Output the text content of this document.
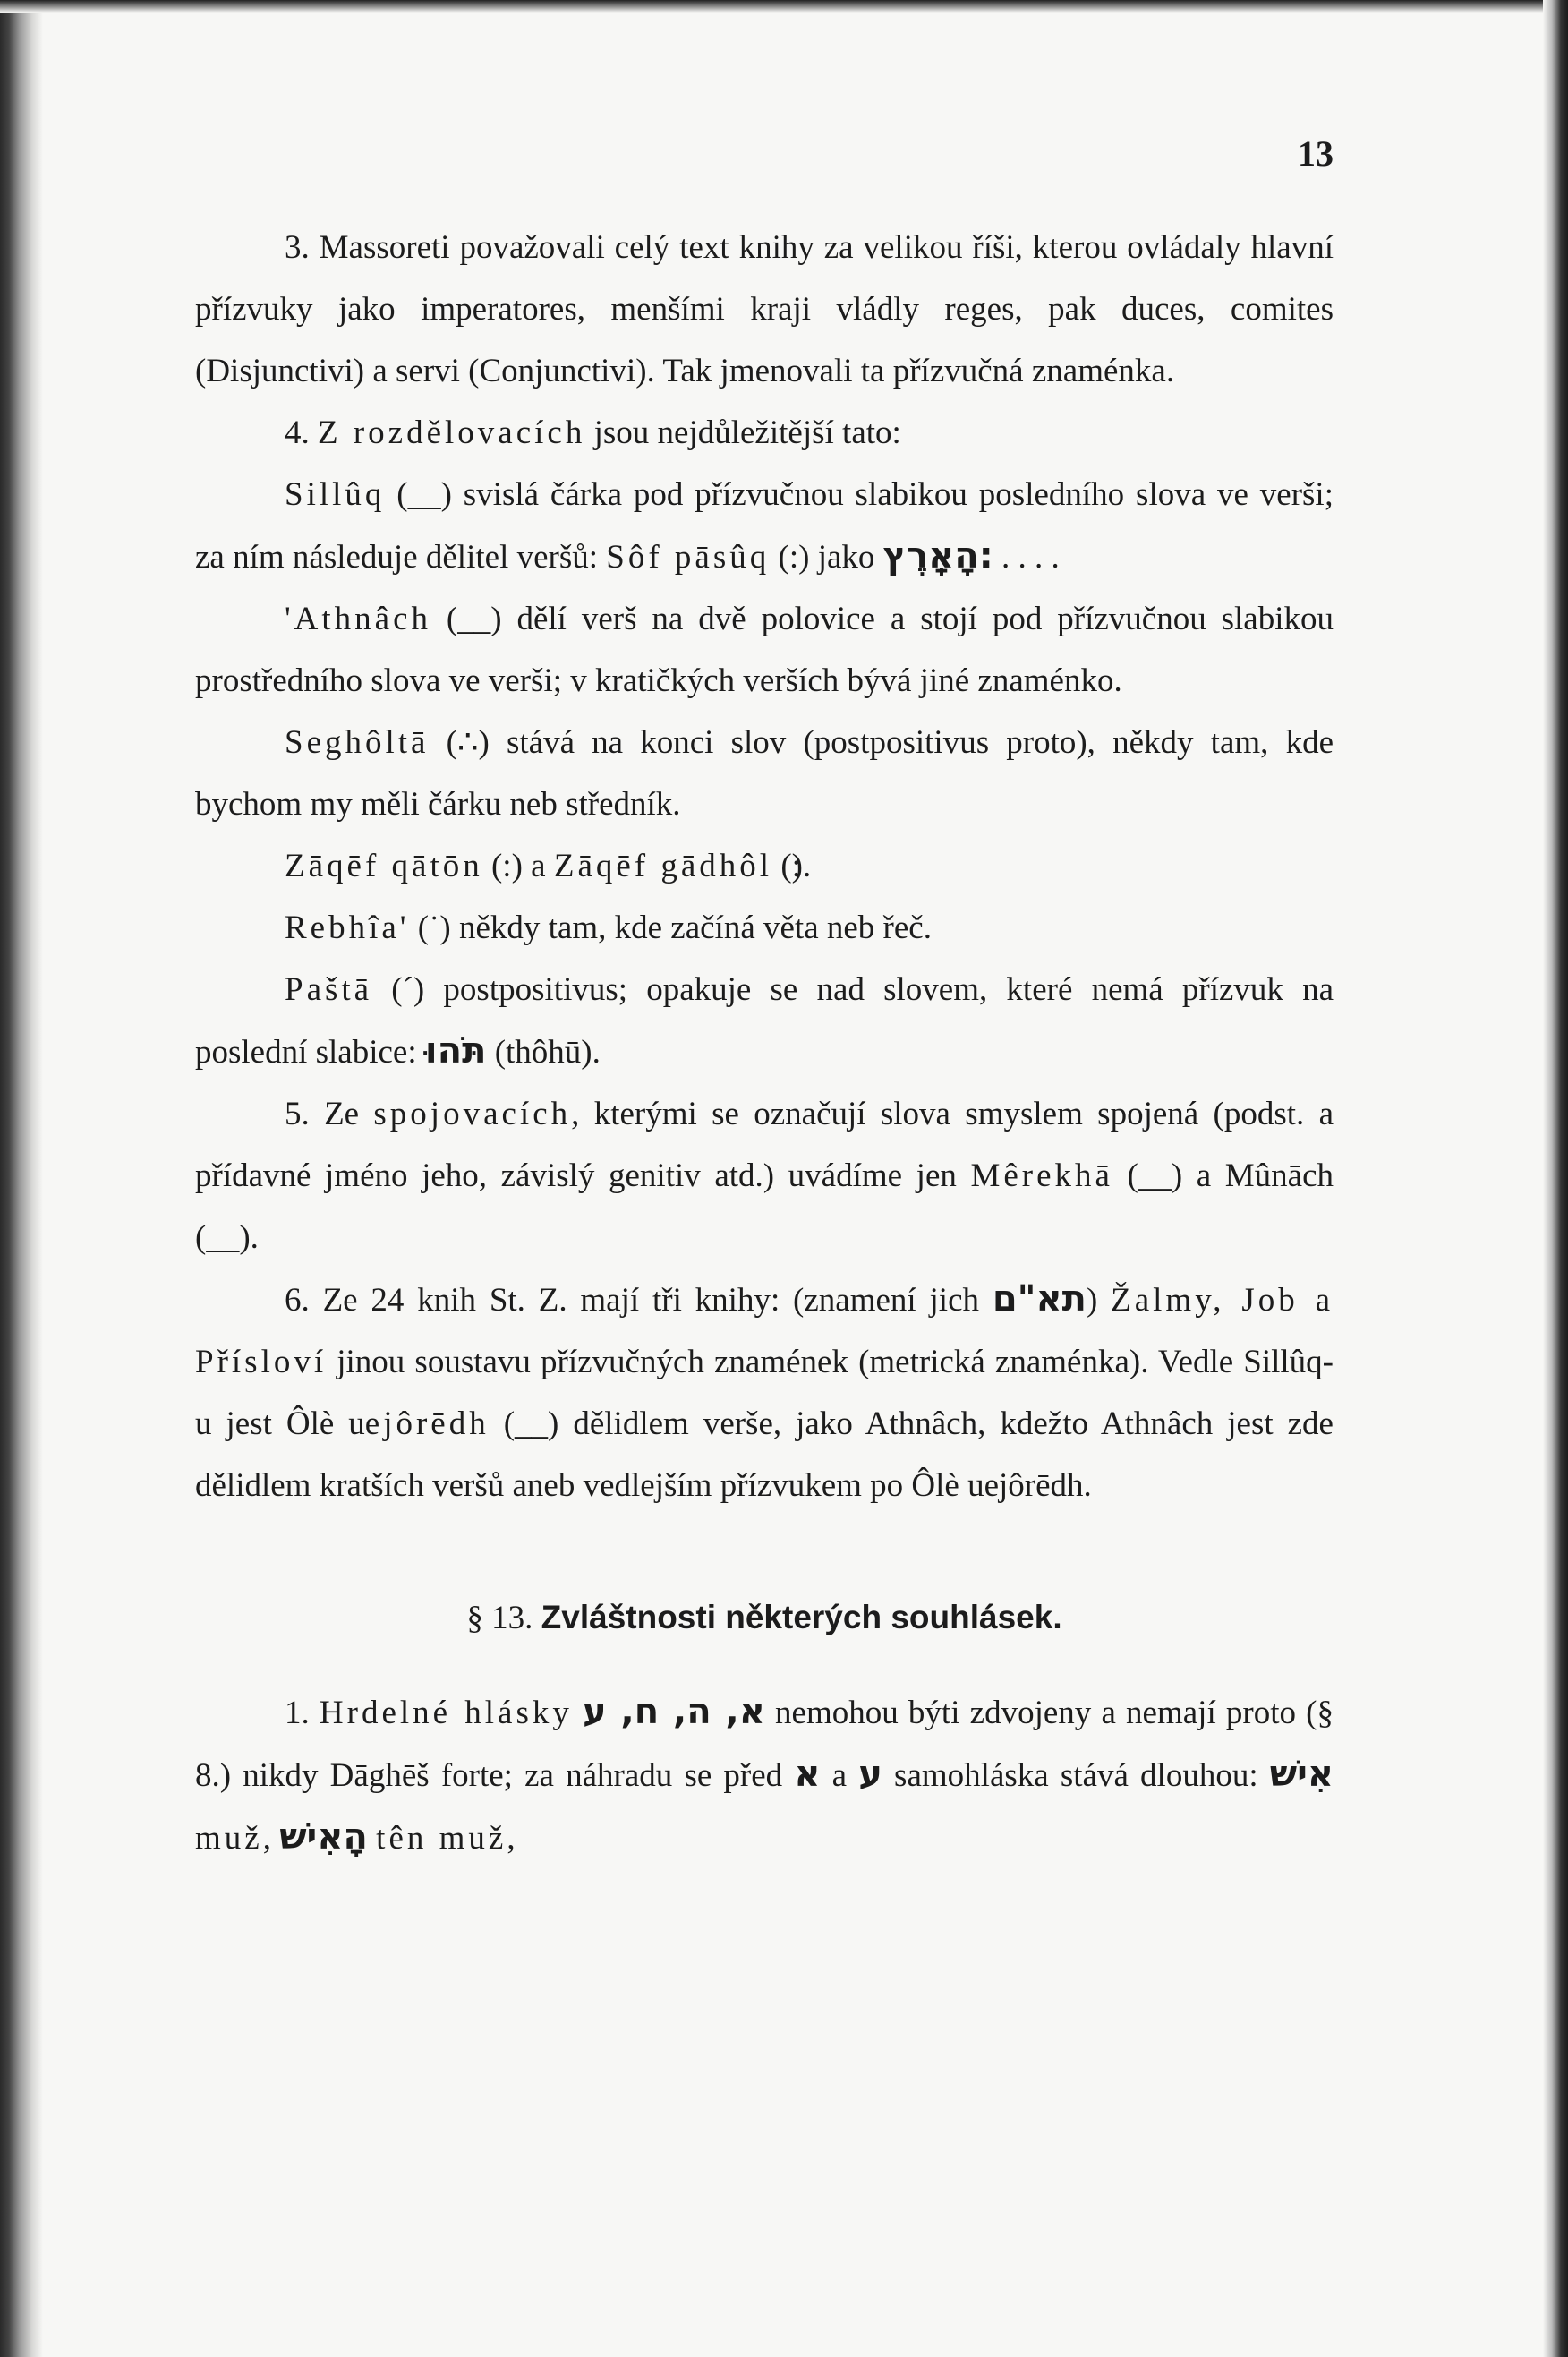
13

3. Massoreti považovali celý text knihy za velikou říši, kterou ovládaly hlavní přízvuky jako imperatores, menšími kraji vládly reges, pak duces, comites (Disjunctivi) a servi (Conjunctivi). Tak jmenovali ta přízvučná znaménka.

4. Z rozdělovacích jsou nejdůležitější tato:

Sillûq (__) svislá čárka pod přízvučnou slabikou posledního slova ve verši; za ním následuje dělitel veršů: Sôf pāsûq (:) jako :הָאָֽרֶץ . . . .

'Athnâch (__) dělí verš na dvě polovice a stojí pod přízvučnou slabikou prostředního slova ve verši; v kratičkých verších bývá jiné znaménko.

Seghôltā (∴) stává na konci slov (postpositivus proto), někdy tam, kde bychom my měli čárku neb středník.

Zāqēf qātōn (:) a Zāqēf gādhôl (׃).

Rebhîa' (˙) někdy tam, kde začíná věta neb řeč.

Paštā (´) postpositivus; opakuje se nad slovem, které nemá přízvuk na poslední slabice: תֹּהוּ (thôhū).

5. Ze spojovacích, kterými se označují slova smyslem spojená (podst. a přídavné jméno jeho, závislý genitiv atd.) uvádíme jen Mêrekhā (__) a Mûnāch (__).

6. Ze 24 knih St. Z. mají tři knihy: (znamení jich תא"ם) Žalmy, Job a Přísloví jinou soustavu přízvučných znamének (metrická znaménka). Vedle Sillûq-u jest Ôlè uejôrēdh (__) dělidlem verše, jako Athnâch, kdežto Athnâch jest zde dělidlem kratších veršů aneb vedlejším přízvukem po Ôlè uejôrēdh.

§ 13. Zvláštnosti některých souhlásek.

1. Hrdelné hlásky א, ה, ח, ע nemohou býti zdvojeny a nemají proto (§ 8.) nikdy Dāghēš forte; za náhradu se před א a ע samohláska stává dlouhou: אִישׁ muž, הָאִישׁ tên muž,
